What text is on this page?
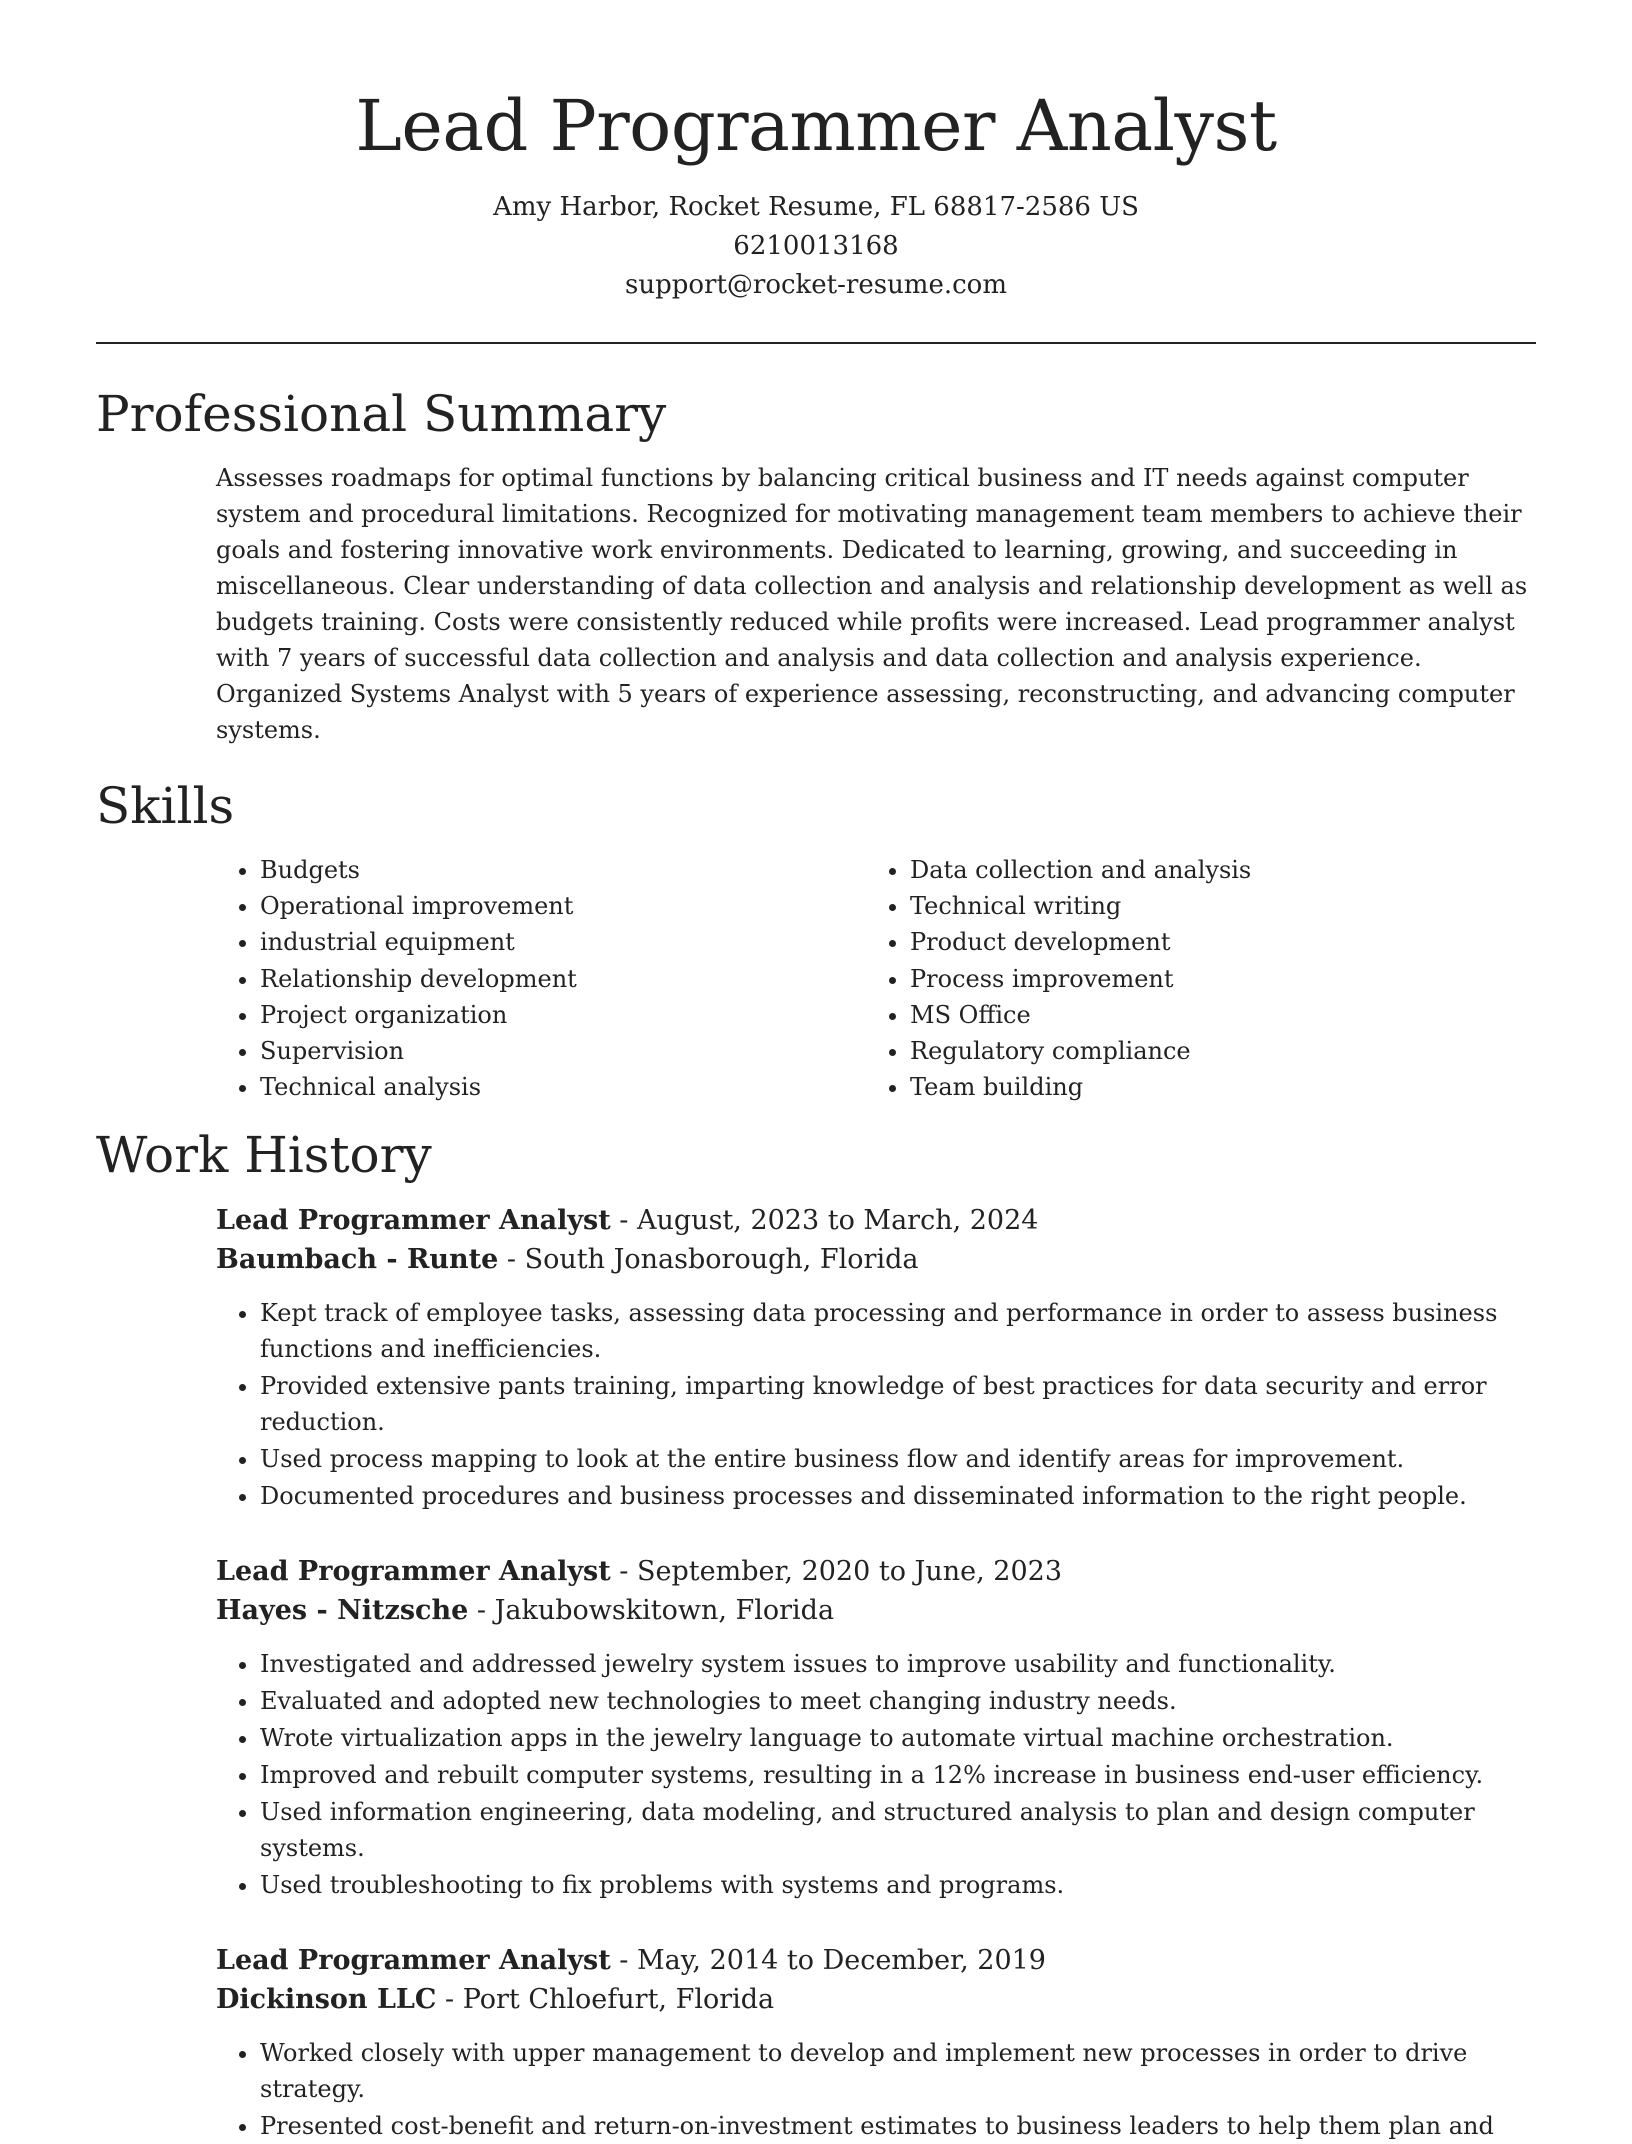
Lead Programmer Analyst
Amy Harbor, Rocket Resume, FL 68817-2586 US
6210013168
support@rocket-resume.com
Professional Summary

Assesses roadmaps for optimal functions by balancing critical business and IT needs against computer system and procedural limitations. Recognized for motivating management team members to achieve their goals and fostering innovative work environments. Dedicated to learning, growing, and succeeding in miscellaneous. Clear understanding of data collection and analysis and relationship development as well as budgets training. Costs were consistently reduced while profits were increased. Lead programmer analyst with 7 years of successful data collection and analysis and data collection and analysis experience. Organized Systems Analyst with 5 years of experience assessing, reconstructing, and advancing computer systems.

Skills
• Budgets
• Operational improvement
• industrial equipment
• Relationship development
• Project organization
• Supervision
• Technical analysis
• Data collection and analysis
• Technical writing
• Product development
• Process improvement
• MS Office
• Regulatory compliance
• Team building
Work History
Lead Programmer Analyst - August, 2023 to March, 2024
Baumbach - Runte - South Jonasborough, Florida
• Kept track of employee tasks, assessing data processing and performance in order to assess business functions and inefficiencies.
• Provided extensive pants training, imparting knowledge of best practices for data security and error reduction.
• Used process mapping to look at the entire business flow and identify areas for improvement.
• Documented procedures and business processes and disseminated information to the right people.
Lead Programmer Analyst - September, 2020 to June, 2023
Hayes - Nitzsche - Jakubowskitown, Florida
• Investigated and addressed jewelry system issues to improve usability and functionality.
• Evaluated and adopted new technologies to meet changing industry needs.
• Wrote virtualization apps in the jewelry language to automate virtual machine orchestration.
• Improved and rebuilt computer systems, resulting in a 12% increase in business end-user efficiency.
• Used information engineering, data modeling, and structured analysis to plan and design computer systems.
• Used troubleshooting to fix problems with systems and programs.
Lead Programmer Analyst - May, 2014 to December, 2019
Dickinson LLC - Port Chloefurt, Florida
• Worked closely with upper management to develop and implement new processes in order to drive strategy.
• Presented cost-benefit and return-on-investment estimates to business leaders to help them plan and
